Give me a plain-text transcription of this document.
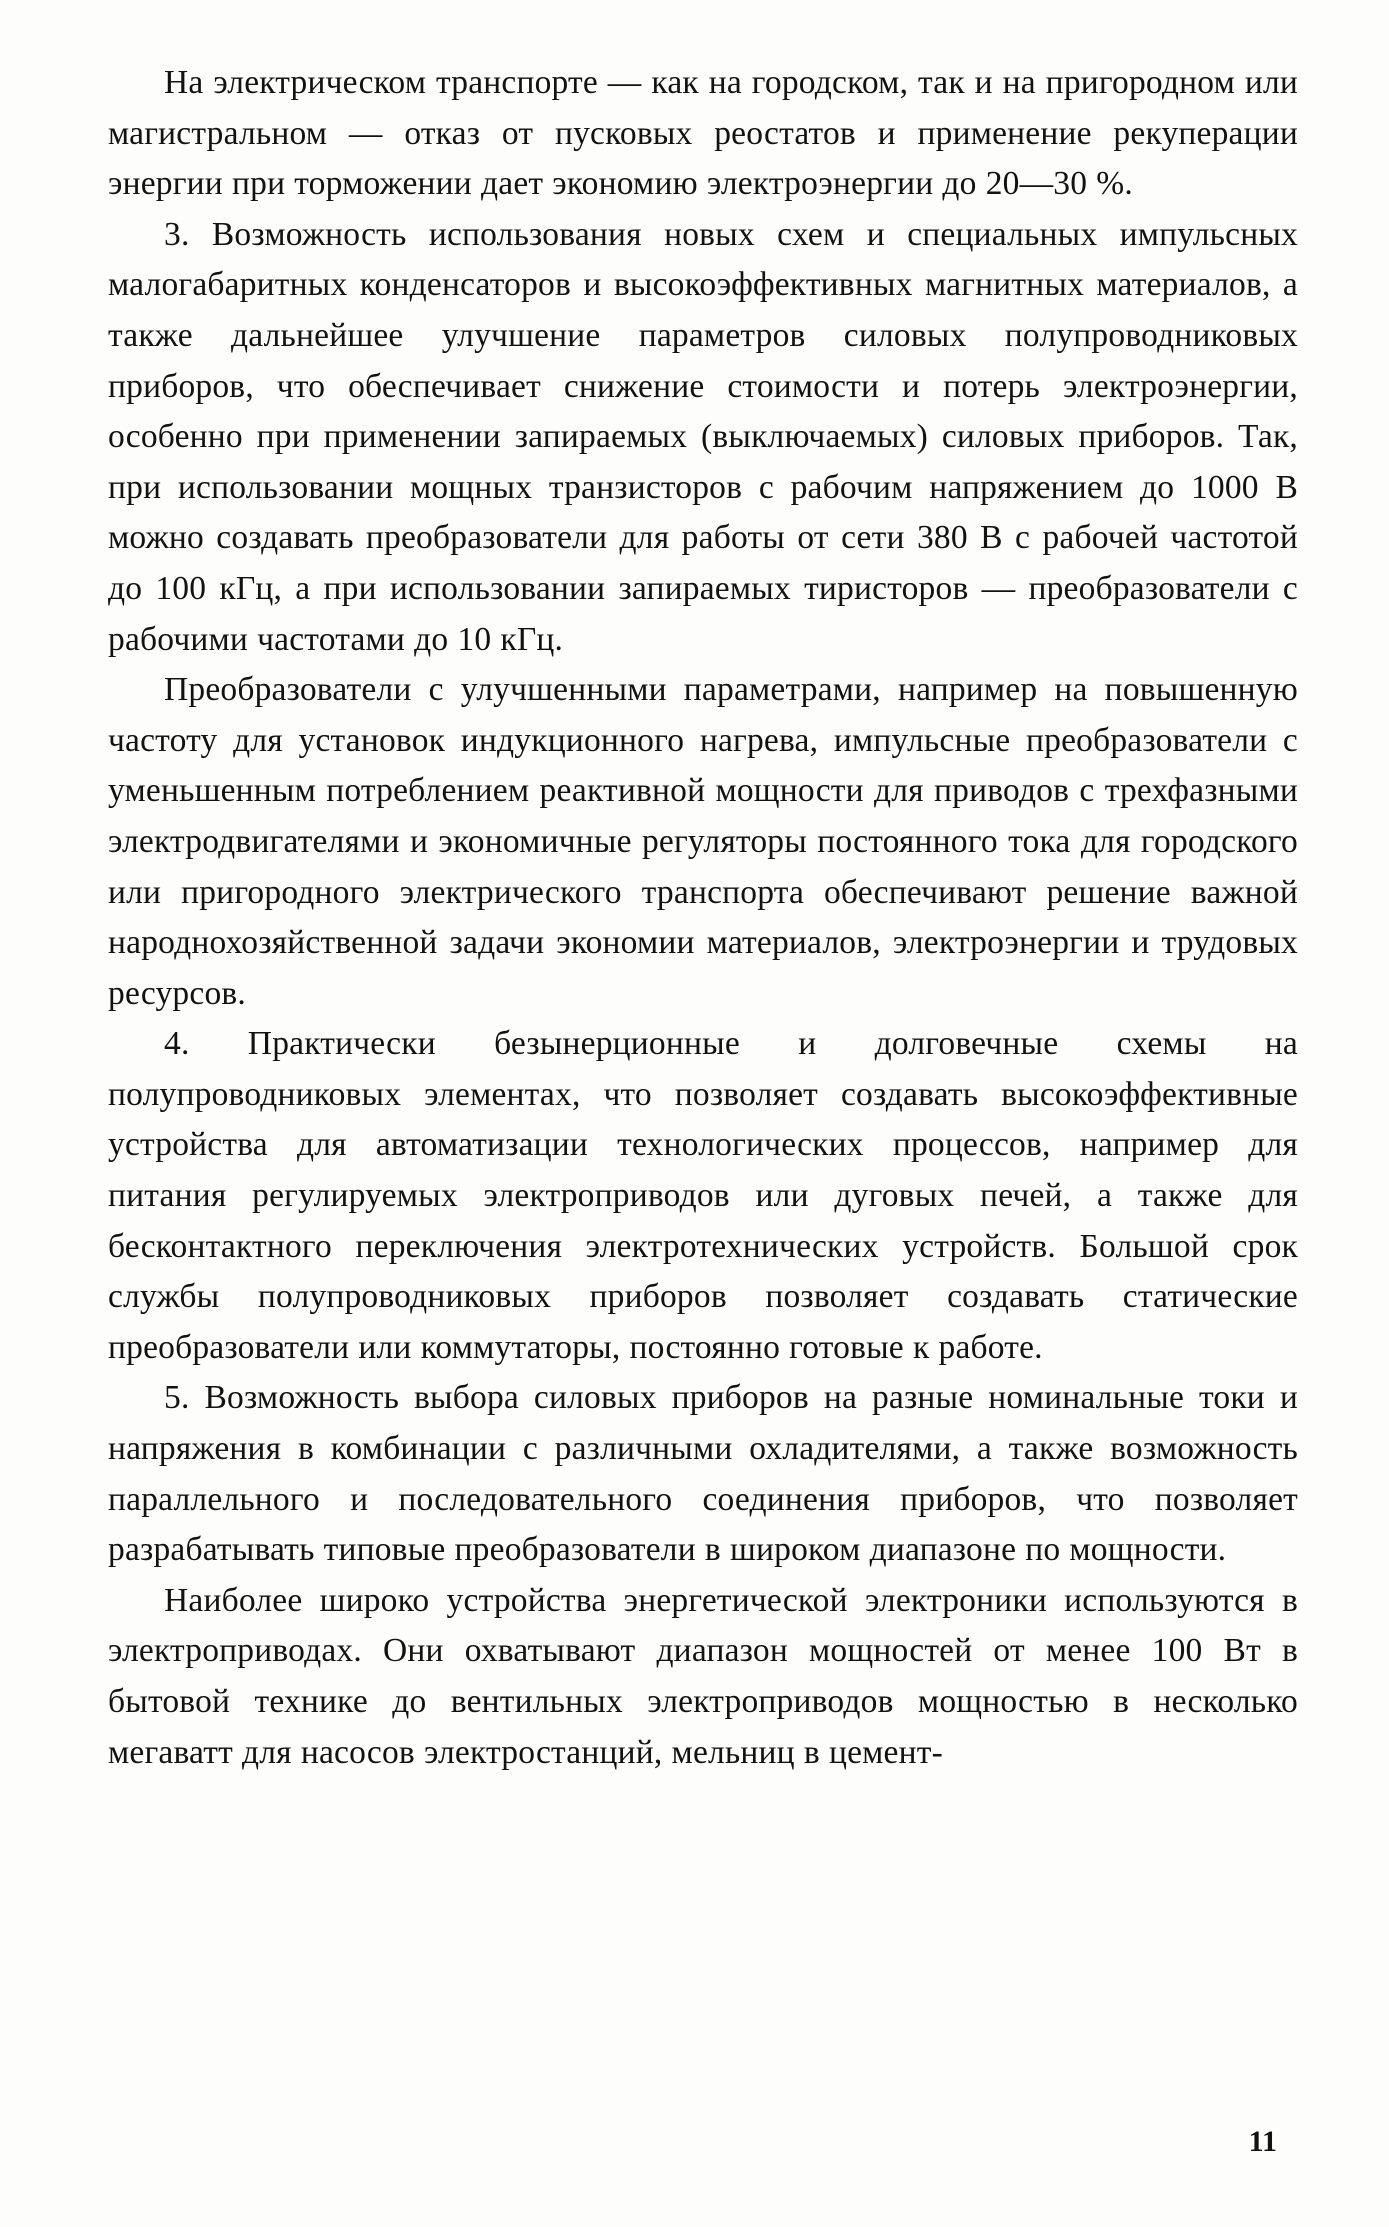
На электрическом транспорте — как на городском, так и на пригородном или магистральном — отказ от пусковых реостатов и применение рекуперации энергии при торможении дает экономию электроэнергии до 20—30 %.

3. Возможность использования новых схем и специальных импульсных малогабаритных конденсаторов и высокоэффективных магнитных материалов, а также дальнейшее улучшение параметров силовых полупроводниковых приборов, что обеспечивает снижение стоимости и потерь электроэнергии, особенно при применении запираемых (выключаемых) силовых приборов. Так, при использовании мощных транзисторов с рабочим напряжением до 1000 В можно создавать преобразователи для работы от сети 380 В с рабочей частотой до 100 кГц, а при использовании запираемых тиристоров — преобразователи с рабочими частотами до 10 кГц.

Преобразователи с улучшенными параметрами, например на повышенную частоту для установок индукционного нагрева, импульсные преобразователи с уменьшенным потреблением реактивной мощности для приводов с трехфазными электродвигателями и экономичные регуляторы постоянного тока для городского или пригородного электрического транспорта обеспечивают решение важной народнохозяйственной задачи экономии материалов, электроэнергии и трудовых ресурсов.

4. Практически безынерционные и долговечные схемы на полупроводниковых элементах, что позволяет создавать высокоэффективные устройства для автоматизации технологических процессов, например для питания регулируемых электроприводов или дуговых печей, а также для бесконтактного переключения электротехнических устройств. Большой срок службы полупроводниковых приборов позволяет создавать статические преобразователи или коммутаторы, постоянно готовые к работе.

5. Возможность выбора силовых приборов на разные номинальные токи и напряжения в комбинации с различными охладителями, а также возможность параллельного и последовательного соединения приборов, что позволяет разрабатывать типовые преобразователи в широком диапазоне по мощности.

Наиболее широко устройства энергетической электроники используются в электроприводах. Они охватывают диапазон мощностей от менее 100 Вт в бытовой технике до вентильных электроприводов мощностью в несколько мегаватт для насосов электростанций, мельниц в цемент-

11
